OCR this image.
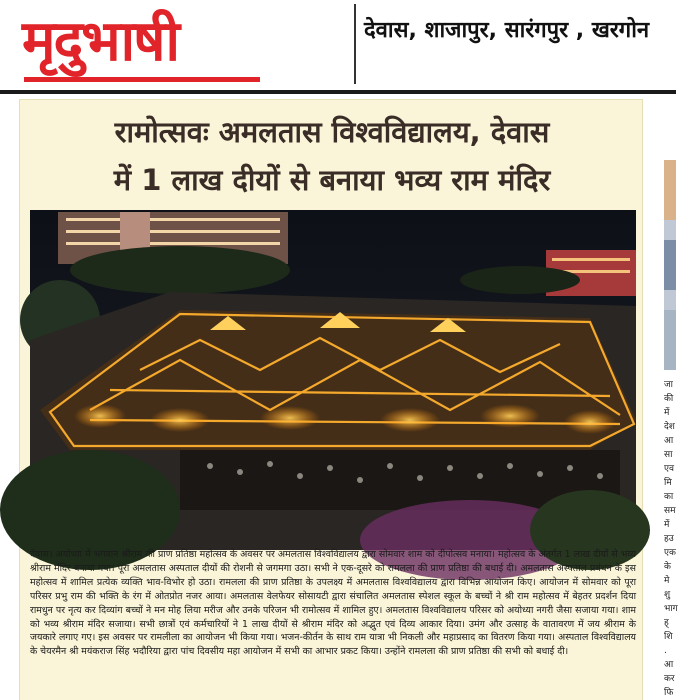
मृदुभाषी	देवास, शाजापुर, सारंगपुर , खरगोन
रामोत्सवः अमलतास विश्वविद्यालय, देवास
में 1 लाख दीयों से बनाया भव्य राम मंदिर

देवास। अयोध्या में भगवान श्रीराम की प्राण प्रतिष्ठा महोत्सव के अवसर पर अमलतास विश्वविद्यालय द्वारा सोमवार शाम को दीपोत्सव मनाया। महोत्सव के अंतर्गत 1 लाख दीयों से भव्य श्रीराम मंदिर बनाया गया। पूरा अमलतास अस्पताल दीयों की रोशनी से जगमगा उठा। सभी ने एक-दूसरे को रामलला की प्राण प्रतिष्ठा की बधाई दी। अमलतास अस्पताल प्रबंधन के इस महोत्सव में शामिल प्रत्येक व्यक्ति भाव-विभोर हो उठा। रामलला की प्राण प्रतिष्ठा के उपलक्ष्य में अमलतास विश्वविद्यालय द्वारा विभिन्न आयोजन किए। आयोजन में सोमवार को पूरा परिसर प्रभु राम की भक्ति के रंग में ओतप्रोत नजर आया। अमलतास वेलफेयर सोसायटी द्वारा संचालित अमलतास स्पेशल स्कूल के बच्चों ने श्री राम महोत्सव में बेहतर प्रदर्शन दिया रामधुन पर नृत्य कर दिव्यांग बच्चों ने मन मोह लिया मरीज और उनके परिजन भी रामोत्सव में शामिल हुए। अमलतास विश्वविद्यालय परिसर को अयोध्या नगरी जैसा सजाया गया। शाम को भव्य श्रीराम मंदिर सजाया। सभी छात्रों एवं कर्मचारियों ने 1 लाख दीयों से श्रीराम मंदिर को अद्भुत एवं दिव्य आकार दिया। उमंग और उत्साह के वातावरण में जय श्रीराम के जयकारे लगाए गए। इस अवसर पर रामलीला का आयोजन भी किया गया। भजन-कीर्तन के साथ राम यात्रा भी निकली और महाप्रसाद का वितरण किया गया। अस्पताल विश्वविद्यालय के चेयरमैन श्री मयंकराज सिंह भदौरिया द्वारा पांच दिवसीय महा आयोजन में सभी का आभार प्रकट किया। उन्होंने रामलला की प्राण प्रतिष्ठा की सभी को बधाई दी।

जा
की
में
देश
आ
सा
एव
मि
का
सम
में
हउ
एक
के
मे
शु
भाग
ह्
शि
.
आ
कर
फि
